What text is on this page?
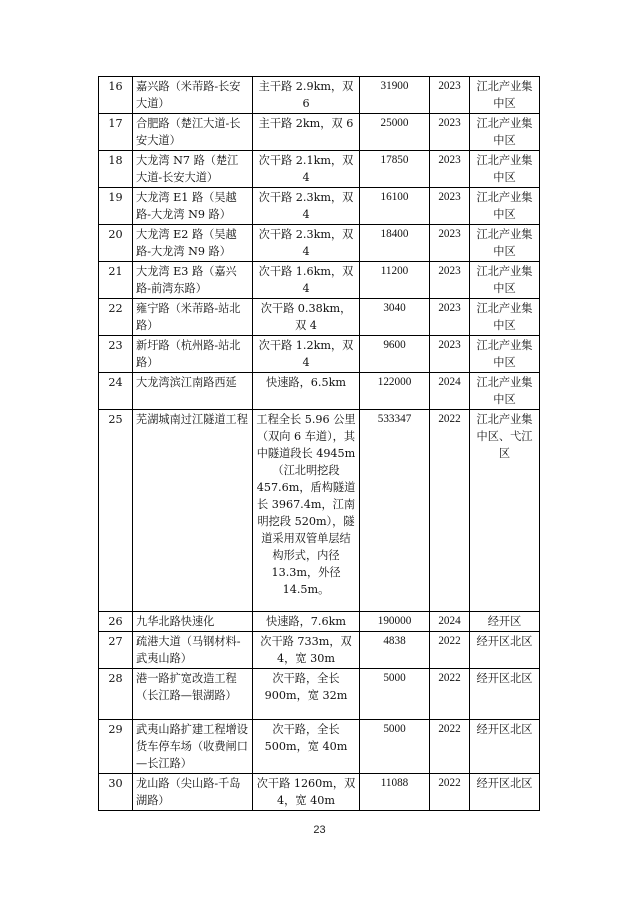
16	嘉兴路（米芾路-长安大道）	主干路 2.9km，双 6	31900	2023	江北产业集中区
17	合肥路（楚江大道-长安大道）	主干路 2km，双 6	25000	2023	江北产业集中区
18	大龙湾 N7 路（楚江大道-长安大道）	次干路 2.1km，双 4	17850	2023	江北产业集中区
19	大龙湾 E1 路（吴越路-大龙湾 N9 路）	次干路 2.3km，双 4	16100	2023	江北产业集中区
20	大龙湾 E2 路（吴越路-大龙湾 N9 路）	次干路 2.3km，双 4	18400	2023	江北产业集中区
21	大龙湾 E3 路（嘉兴路-前湾东路）	次干路 1.6km，双 4	11200	2023	江北产业集中区
22	雍宁路（米芾路-站北路）	次干路 0.38km，双 4	3040	2023	江北产业集中区
23	新圩路（杭州路-站北路）	次干路 1.2km，双 4	9600	2023	江北产业集中区
24	大龙湾滨江南路西延	快速路，6.5km	122000	2024	江北产业集中区
25	芜湖城南过江隧道工程	工程全长 5.96 公里（双向 6 车道），其中隧道段长 4945m（江北明挖段 457.6m，盾构隧道长 3967.4m，江南明挖段 520m），隧道采用双管单层结构形式，内径 13.3m，外径 14.5m。	533347	2022	江北产业集中区、弋江区
26	九华北路快速化	快速路，7.6km	190000	2024	经开区
27	疏港大道（马钢材料-武夷山路）	次干路 733m，双 4，宽 30m	4838	2022	经开区北区
28	港一路扩宽改造工程（长江路—银湖路）	次干路，全长 900m，宽 32m	5000	2022	经开区北区
29	武夷山路扩建工程增设货车停车场（收费闸口—长江路）	次干路，全长 500m，宽 40m	5000	2022	经开区北区
30	龙山路（尖山路-千岛湖路）	次干路 1260m，双 4，宽 40m	11088	2022	经开区北区
23
